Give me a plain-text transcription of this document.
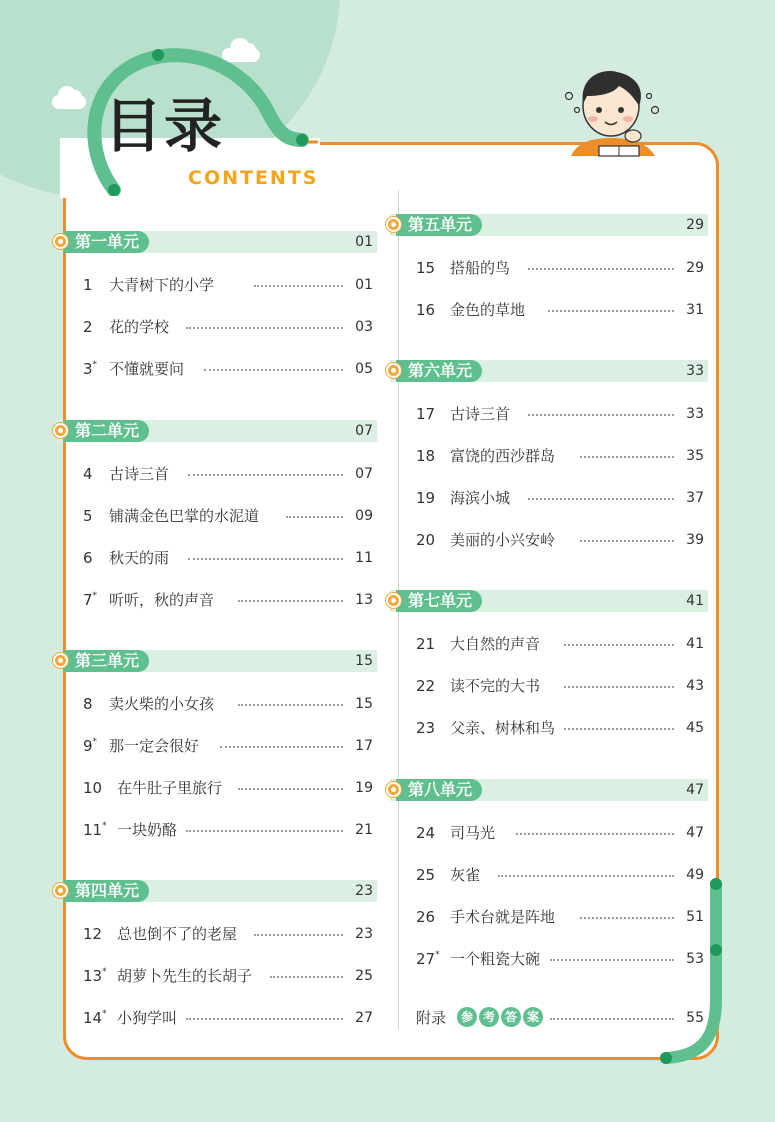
目录
CONTENTS
第一单元	01
1 大青树下的小学	01
2 花的学校	03
3* 不懂就要问	05
第二单元	07
4 古诗三首	07
5 铺满金色巴掌的水泥道	09
6 秋天的雨	11
7* 听听，秋的声音	13
第三单元	15
8 卖火柴的小女孩	15
9* 那一定会很好	17
10 在牛肚子里旅行	19
11* 一块奶酪	21
第四单元	23
12 总也倒不了的老屋	23
13* 胡萝卜先生的长胡子	25
14* 小狗学叫	27
第五单元	29
15 搭船的鸟	29
16 金色的草地	31
第六单元	33
17 古诗三首	33
18 富饶的西沙群岛	35
19 海滨小城	37
20 美丽的小兴安岭	39
第七单元	41
21 大自然的声音	41
22 读不完的大书	43
23 父亲、树林和鸟	45
第八单元	47
24 司马光	47
25 灰雀	49
26 手术台就是阵地	51
27* 一个粗瓷大碗	53
附录	参 考 答 案	55
